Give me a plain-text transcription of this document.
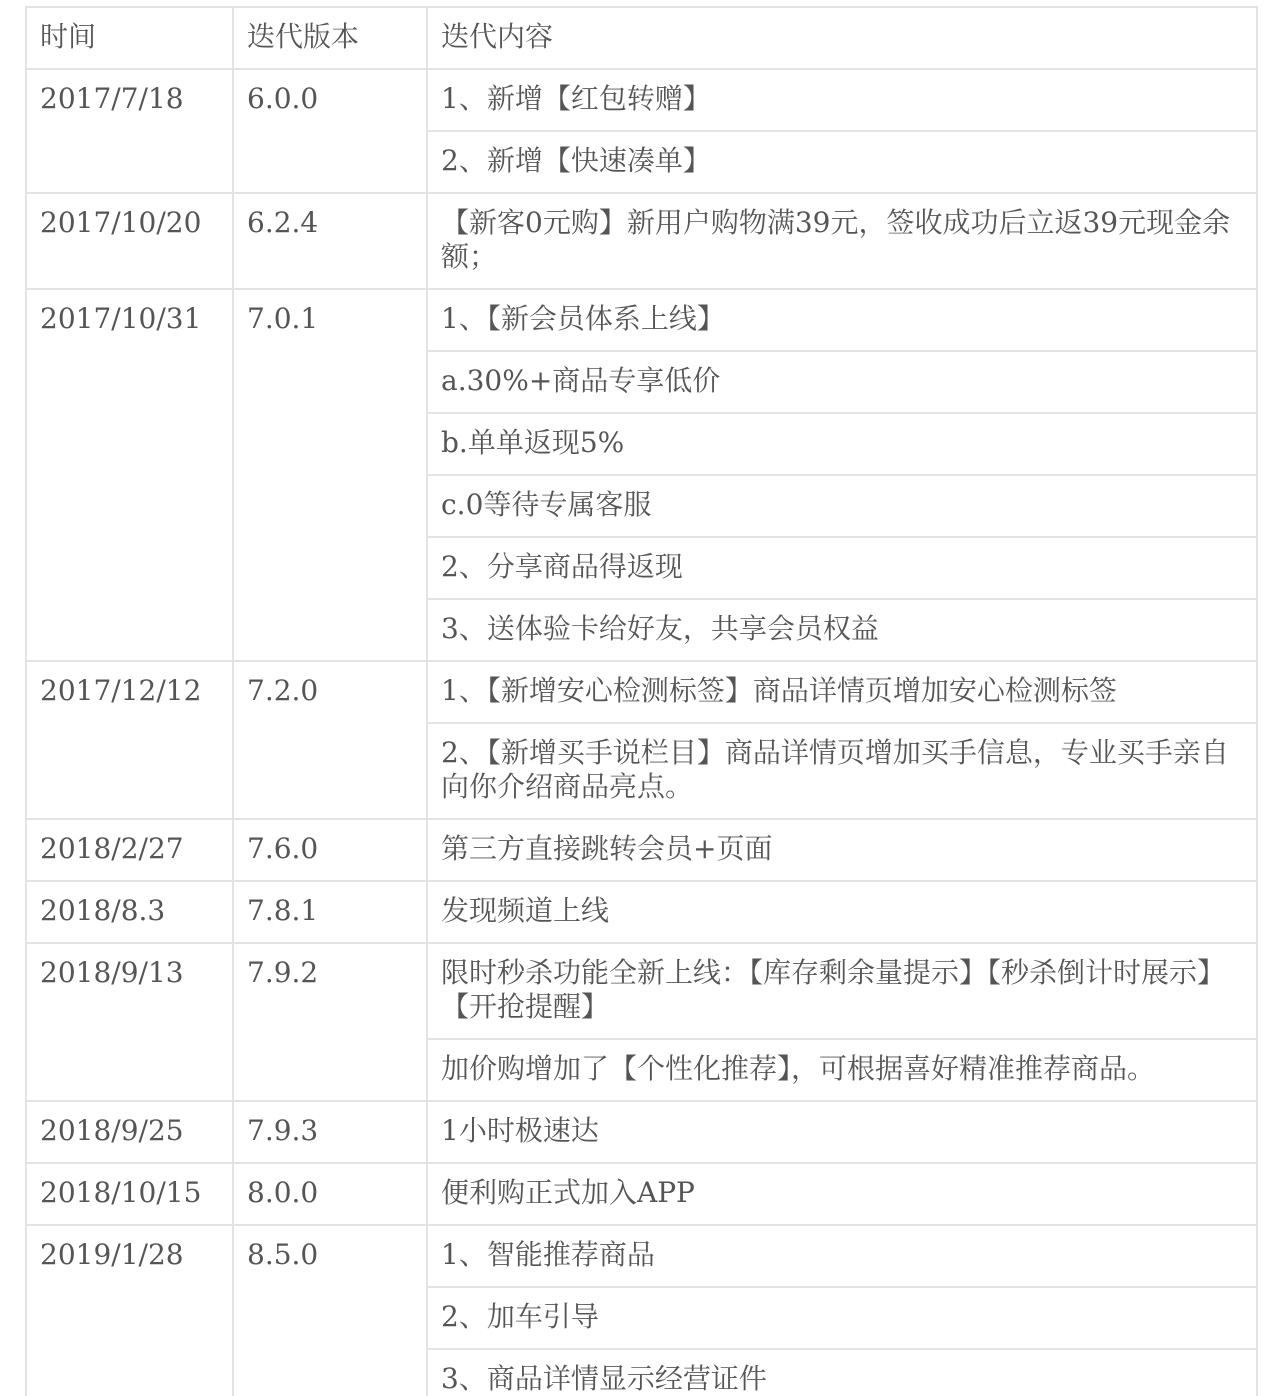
时间	迭代版本	迭代内容
2017/7/18	6.0.0	1、新增【红包转赠】
		2、新增【快速凑单】
2017/10/20	6.2.4	【新客0元购】新用户购物满39元，签收成功后立返39元现金余额；
2017/10/31	7.0.1	1、【新会员体系上线】
		a.30%+商品专享低价
		b.单单返现5%
		c.0等待专属客服
		2、分享商品得返现
		3、送体验卡给好友，共享会员权益
2017/12/12	7.2.0	1、【新增安心检测标签】商品详情页增加安心检测标签
		2、【新增买手说栏目】商品详情页增加买手信息，专业买手亲自向你介绍商品亮点。
2018/2/27	7.6.0	第三方直接跳转会员+页面
2018/8.3	7.8.1	发现频道上线
2018/9/13	7.9.2	限时秒杀功能全新上线：【库存剩余量提示】【秒杀倒计时展示】【开抢提醒】
		加价购增加了【个性化推荐】，可根据喜好精准推荐商品。
2018/9/25	7.9.3	1小时极速达
2018/10/15	8.0.0	便利购正式加入APP
2019/1/28	8.5.0	1、智能推荐商品
		2、加车引导
		3、商品详情显示经营证件
